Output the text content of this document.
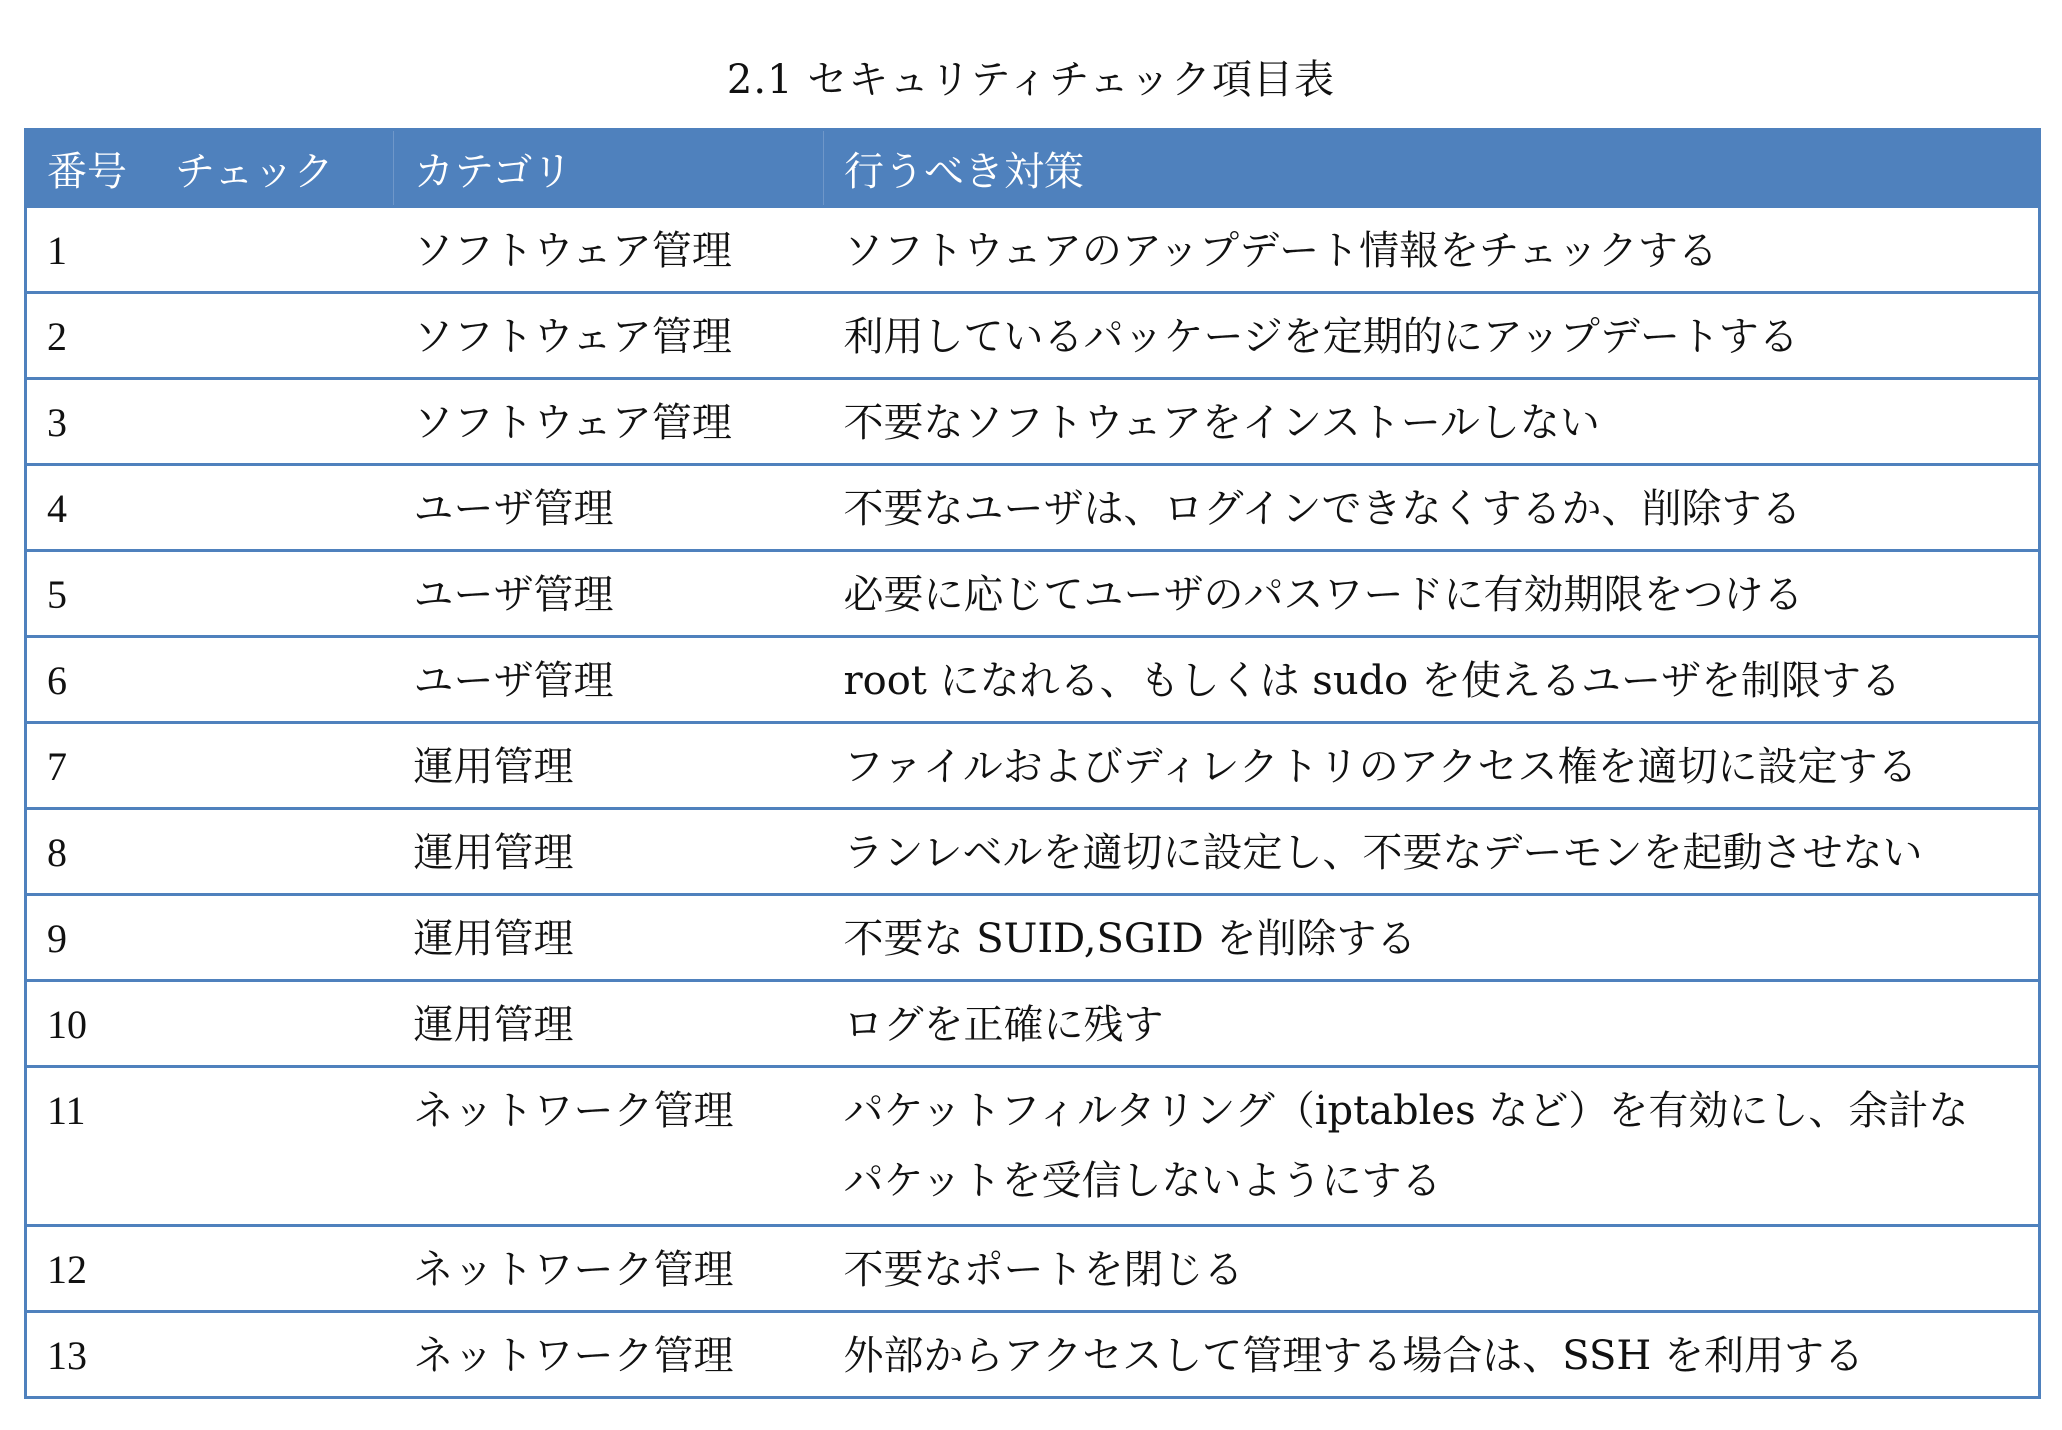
2.1 セキュリティチェック項目表
番号 チェック	カテゴリ	行うべき対策
1	ソフトウェア管理	ソフトウェアのアップデート情報をチェックする
2	ソフトウェア管理	利用しているパッケージを定期的にアップデートする
3	ソフトウェア管理	不要なソフトウェアをインストールしない
4	ユーザ管理	不要なユーザは、ログインできなくするか、削除する
5	ユーザ管理	必要に応じてユーザのパスワードに有効期限をつける
6	ユーザ管理	root になれる、もしくは sudo を使えるユーザを制限する
7	運用管理	ファイルおよびディレクトリのアクセス権を適切に設定する
8	運用管理	ランレベルを適切に設定し、不要なデーモンを起動させない
9	運用管理	不要な SUID,SGID を削除する
10	運用管理	ログを正確に残す
11	ネットワーク管理	パケットフィルタリング（iptables など）を有効にし、余計なパケットを受信しないようにする
12	ネットワーク管理	不要なポートを閉じる
13	ネットワーク管理	外部からアクセスして管理する場合は、SSH を利用する
